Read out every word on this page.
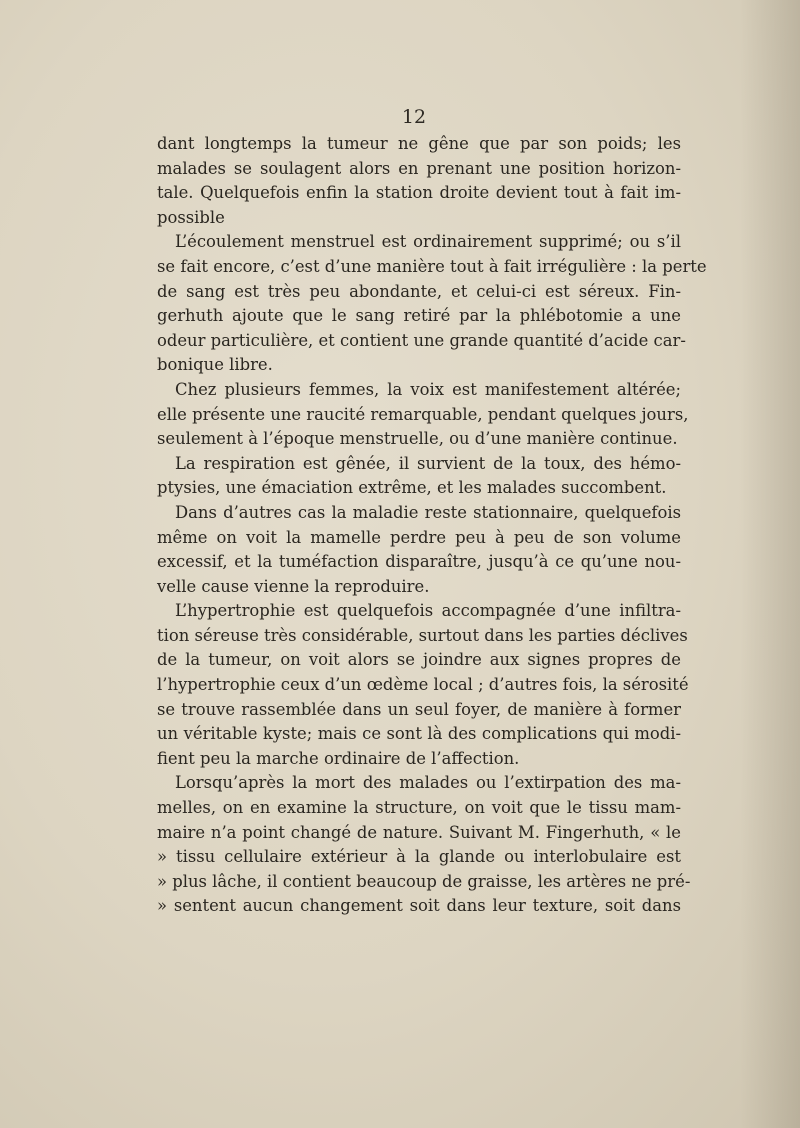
12
dant longtemps la tumeur ne gêne que par son poids; les
malades se soulagent alors en prenant une position horizon-
tale. Quelquefois enfin la station droite devient tout à fait im-
possible
L’écoulement menstruel est ordinairement supprimé; ou s’il
se fait encore, c’est d’une manière tout à fait irrégulière : la perte
de sang est très peu abondante, et celui-ci est séreux. Fin-
gerhuth ajoute que le sang retiré par la phlébotomie a une
odeur particulière, et contient une grande quantité d’acide car-
bonique libre.
Chez plusieurs femmes, la voix est manifestement altérée;
elle présente une raucité remarquable, pendant quelques jours,
seulement à l’époque menstruelle, ou d’une manière continue.
La respiration est gênée, il survient de la toux, des hémo-
ptysies, une émaciation extrême, et les malades succombent.
Dans d’autres cas la maladie reste stationnaire, quelquefois
même on voit la mamelle perdre peu à peu de son volume
excessif, et la tuméfaction disparaître, jusqu’à ce qu’une nou-
velle cause vienne la reproduire.
L’hypertrophie est quelquefois accompagnée d’une infiltra-
tion séreuse très considérable, surtout dans les parties déclives
de la tumeur, on voit alors se joindre aux signes propres de
l’hypertrophie ceux d’un œdème local ; d’autres fois, la sérosité
se trouve rassemblée dans un seul foyer, de manière à former
un véritable kyste; mais ce sont là des complications qui modi-
fient peu la marche ordinaire de l’affection.
Lorsqu’après la mort des malades ou l’extirpation des ma-
melles, on en examine la structure, on voit que le tissu mam-
maire n’a point changé de nature. Suivant M. Fingerhuth, « le
» tissu cellulaire extérieur à la glande ou interlobulaire est
» plus lâche, il contient beaucoup de graisse, les artères ne pré-
» sentent aucun changement soit dans leur texture, soit dans
